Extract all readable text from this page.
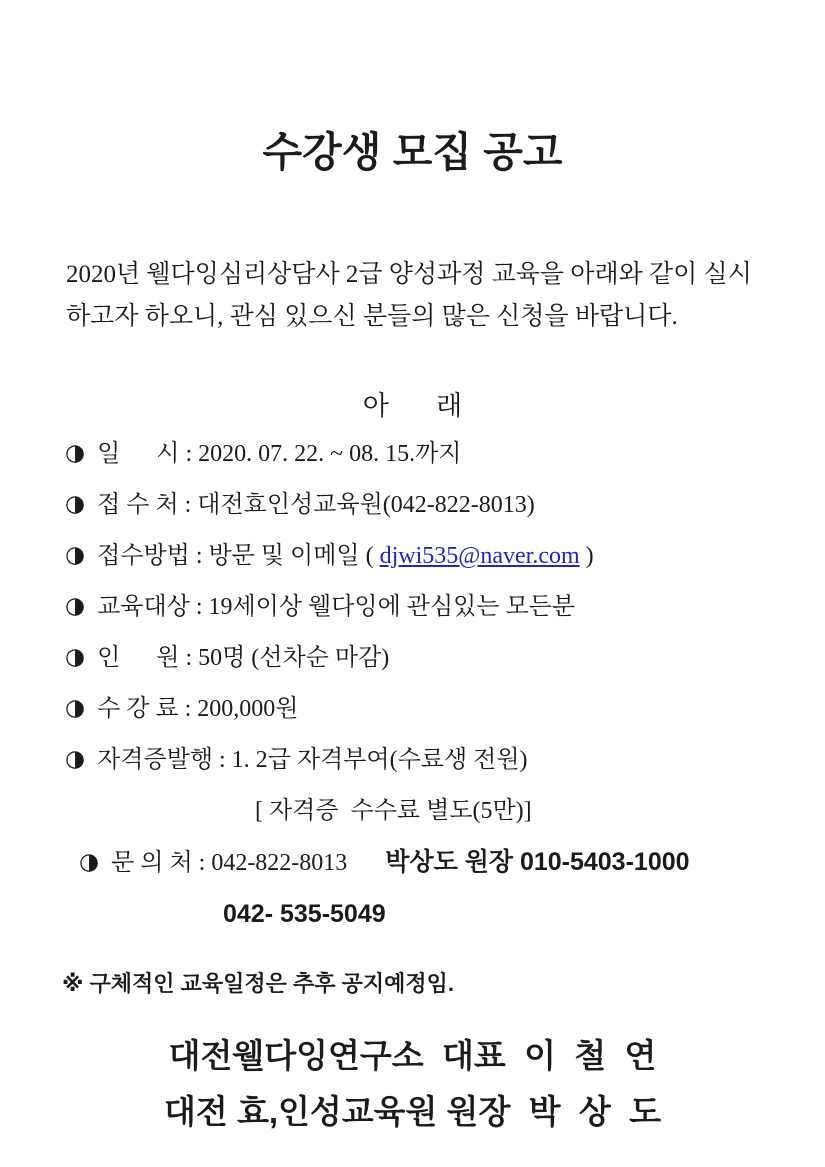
수강생 모집 공고

2020년 웰다잉심리상담사 2급 양성과정 교육을 아래와 같이 실시
하고자 하오니, 관심 있으신 분들의 많은 신청을 바랍니다.

아       래
◑ 일      시 : 2020. 07. 22. ~ 08. 15.까지
◑ 접 수 처 : 대전효인성교육원(042-822-8013)
◑ 접수방법 : 방문 및 이메일 ( djwi535@naver.com )
◑ 교육대상 : 19세이상 웰다잉에 관심있는 모든분
◑ 인      원 : 50명 (선차순 마감)
◑ 수 강 료 : 200,000원
◑ 자격증발행 : 1. 2급 자격부여(수료생 전원)
[ 자격증  수수료 별도(5만)]
◑ 문 의 처 : 042-822-8013 박상도 원장 010-5403-1000
042- 535-5049
※ 구체적인 교육일정은 추후 공지예정임.
대전웰다잉연구소  대표  이  철  연
대전 효,인성교육원 원장  박  상  도
